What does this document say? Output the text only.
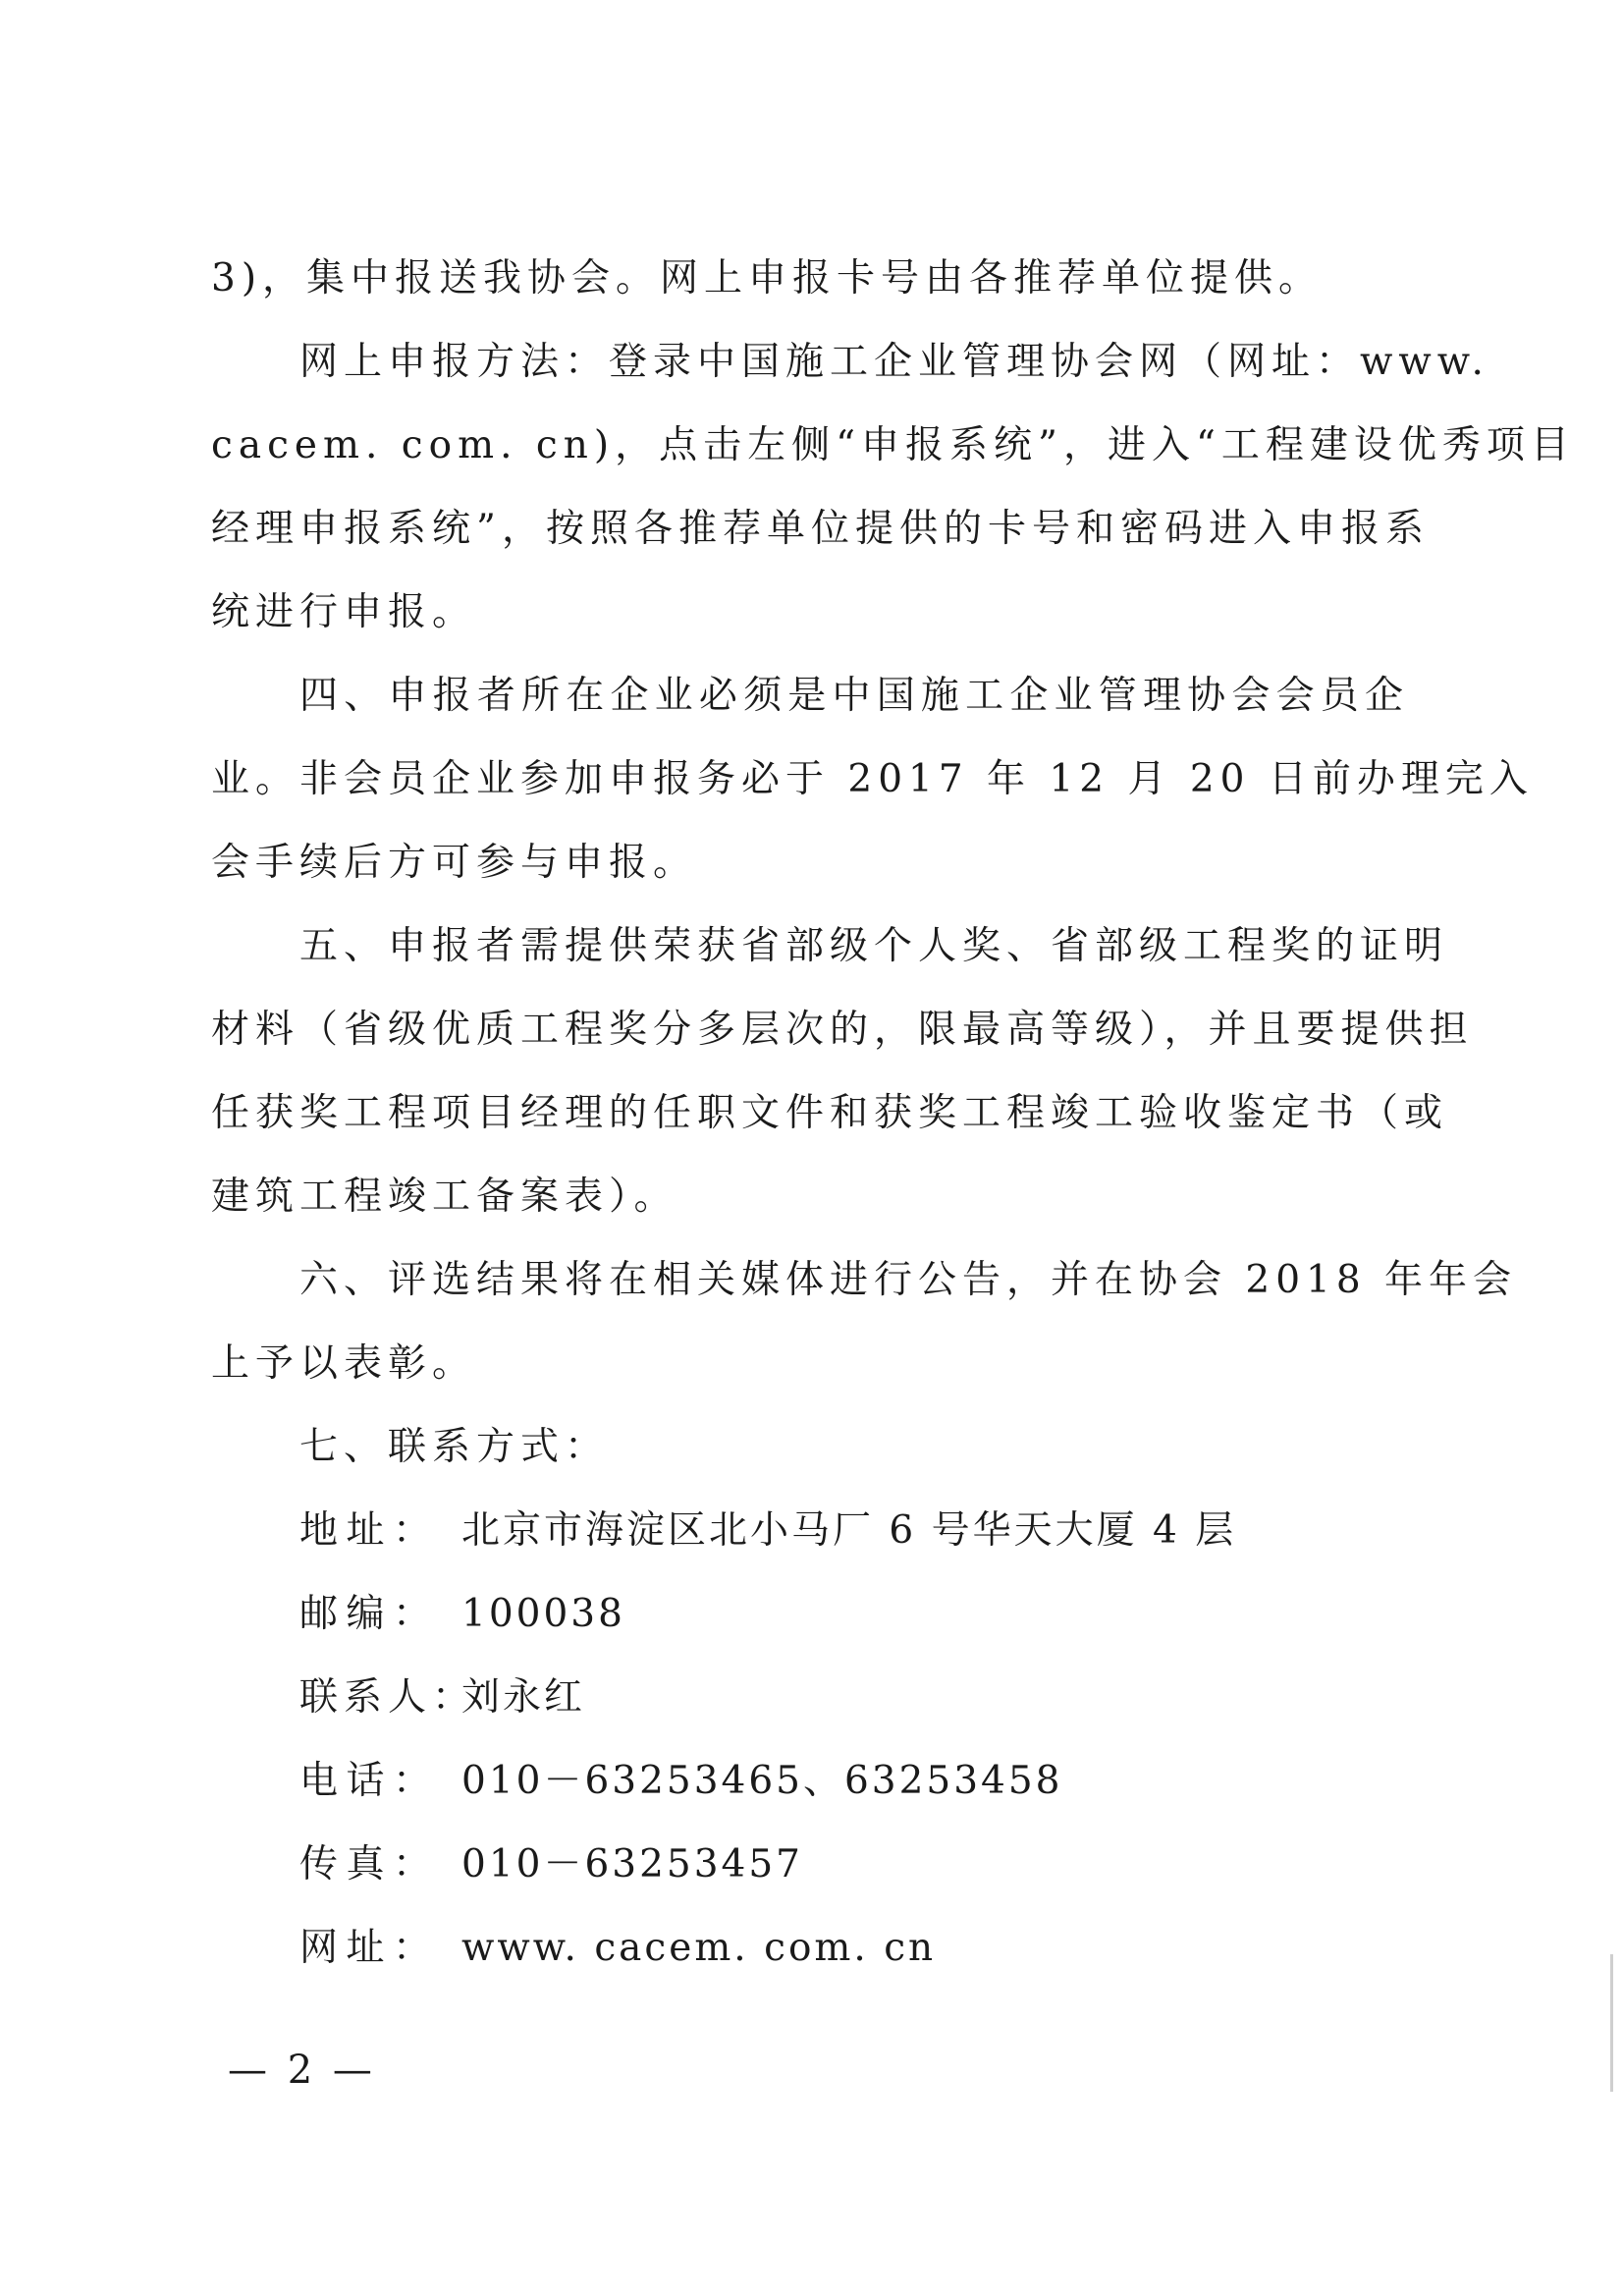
3)，集中报送我协会。网上申报卡号由各推荐单位提供。
网上申报方法：登录中国施工企业管理协会网（网址：www.
cacem. com. cn)，点击左侧“申报系统”，进入“工程建设优秀项目
经理申报系统”，按照各推荐单位提供的卡号和密码进入申报系
统进行申报。
四、申报者所在企业必须是中国施工企业管理协会会员企
业。非会员企业参加申报务必于 2017 年 12 月 20 日前办理完入
会手续后方可参与申报。
五、申报者需提供荣获省部级个人奖、省部级工程奖的证明
材料（省级优质工程奖分多层次的，限最高等级），并且要提供担
任获奖工程项目经理的任职文件和获奖工程竣工验收鉴定书（或
建筑工程竣工备案表）。
六、评选结果将在相关媒体进行公告，并在协会 2018 年年会
上予以表彰。
七、联系方式：
地址： 北京市海淀区北小马厂 6 号华天大厦 4 层
邮编： 100038
联系人：
刘永红
电话： 010－63253465、63253458
传真： 010－63253457
网址： www. cacem. com. cn
— 2 —
